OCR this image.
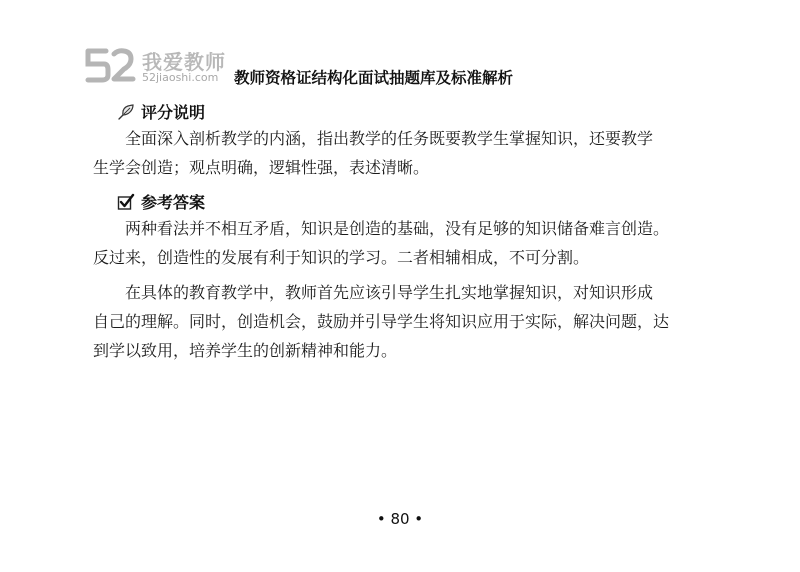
我爱教师
52jiaoshi.com 教师资格证结构化面试抽题库及标准解析
评分说明
全面深入剖析教学的内涵，指出教学的任务既要教学生掌握知识，还要教学
生学会创造；观点明确，逻辑性强，表述清晰。
参考答案
两种看法并不相互矛盾，知识是创造的基础，没有足够的知识储备难言创造。
反过来，创造性的发展有利于知识的学习。二者相辅相成，不可分割。
在具体的教育教学中，教师首先应该引导学生扎实地掌握知识，对知识形成
自己的理解。同时，创造机会，鼓励并引导学生将知识应用于实际，解决问题，达
到学以致用，培养学生的创新精神和能力。
• 80 •
